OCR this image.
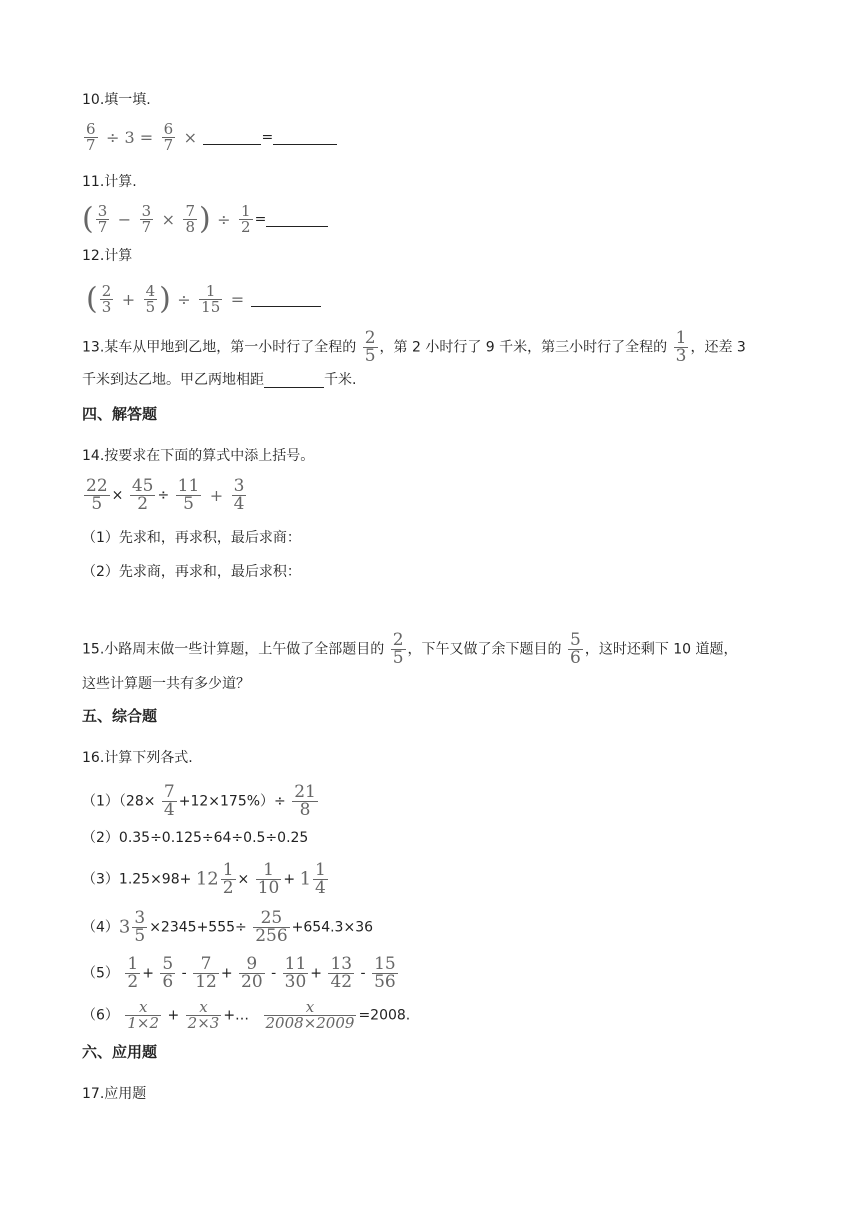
10.填一填.
$\frac{6}{7} \div 3 = \frac{6}{7}$ ×	=
11.计算.
( $\frac{3}{7} - \frac{3}{7} \times \frac{7}{8}$ ) ÷ $\frac{1}{2}$ =
12.计算
( $\frac{2}{3} + \frac{4}{5}$ ) ÷ $\frac{1}{15}$ =
13.某车从甲地到乙地，第一小时行了全程的 $\frac{2}{5}$ ，第 2 小时行了 9 千米，第三小时行了全程的 $\frac{1}{3}$ ，还差 3
千米到达乙地。甲乙两地相距	千米.
四、解答题
14.按要求在下面的算式中添上括号。
$\frac{22}{5} \times \frac{45}{2} \div \frac{11}{5} + \frac{3}{4}$
（1）先求和，再求积，最后求商：
（2）先求商，再求和，最后求积：
15.小路周末做一些计算题，上午做了全部题目的 $\frac{2}{5}$ ，下午又做了余下题目的 $\frac{5}{6}$ ，这时还剩下 10 道题，
这些计算题一共有多少道？
五、综合题
16.计算下列各式.
$(1)(28\times \frac{7}{4} +12\times 175\%)\div \frac{21}{8}$
（2）0.35÷0.125÷64÷0.5÷0.25
$(3)1.25\times 98+ 12 \frac{1}{2} \times \frac{1}{10} + 1 \frac{1}{4}$
$(4)3 \frac{3}{5} \times 2345+555\div \frac{25}{256} +654.3\times 36$
$(5) \frac{1}{2} + \frac{5}{6} - \frac{7}{12} + \frac{9}{20} - \frac{11}{30} + \frac{13}{42} - \frac{15}{56}$
$(6) \frac{x}{1\times 2} + \frac{x}{2\times 3}$ +… $\frac{x}{2008\times 2009} =2008$.
六、应用题
17.应用题
